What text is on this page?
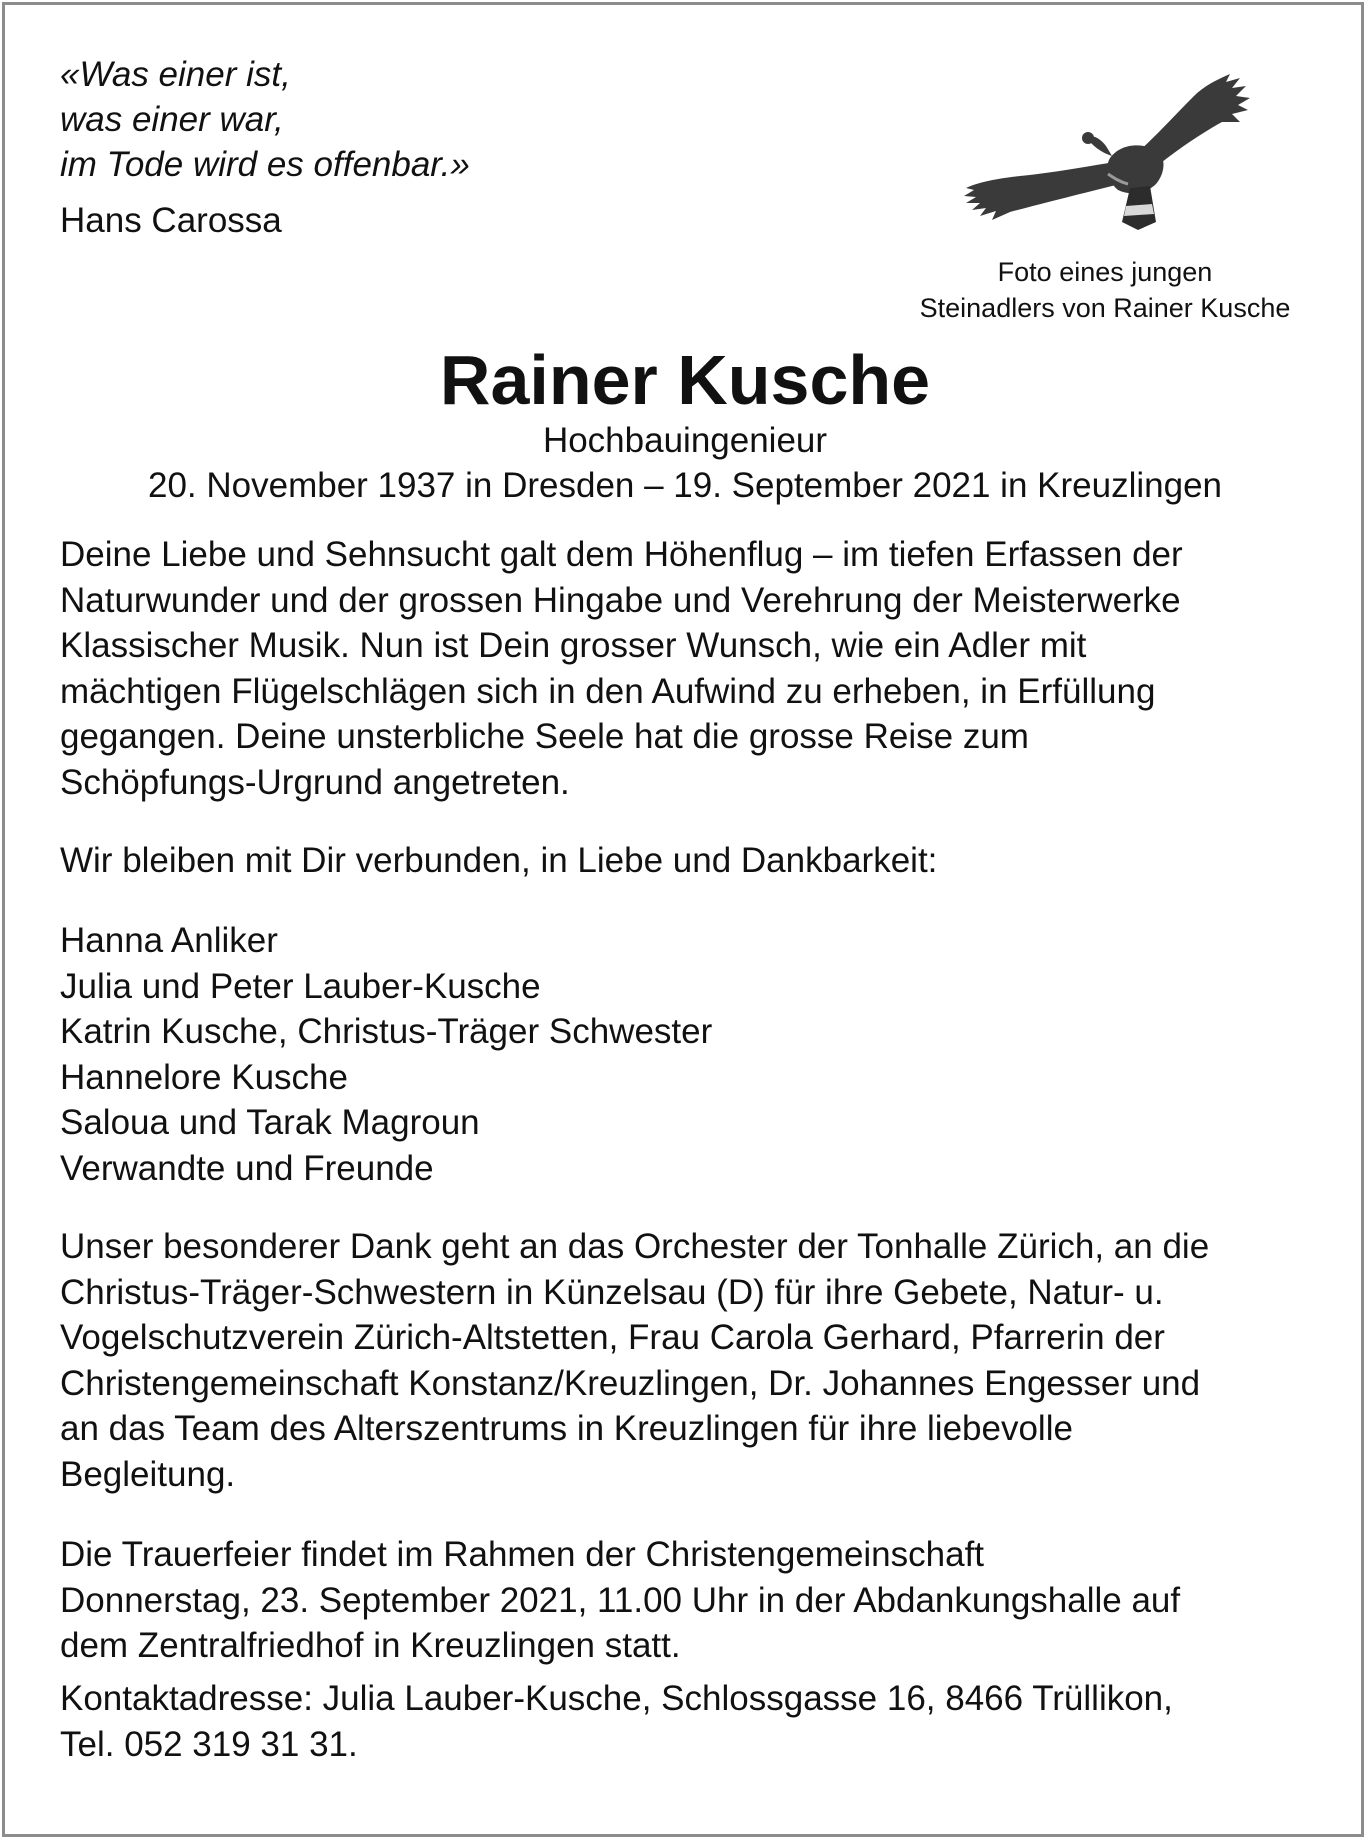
«Was einer ist,
was einer war,
im Tode wird es offenbar.»
Hans Carossa
Foto eines jungen
Steinadlers von Rainer Kusche
Rainer Kusche
Hochbauingenieur
20. November 1937 in Dresden – 19. September 2021 in Kreuzlingen
Deine Liebe und Sehnsucht galt dem Höhenflug – im tiefen Erfassen der
Naturwunder und der grossen Hingabe und Verehrung der Meisterwerke
Klassischer Musik. Nun ist Dein grosser Wunsch, wie ein Adler mit
mächtigen Flügelschlägen sich in den Aufwind zu erheben, in Erfüllung
gegangen. Deine unsterbliche Seele hat die grosse Reise zum
Schöpfungs-Urgrund angetreten.
Wir bleiben mit Dir verbunden, in Liebe und Dankbarkeit:
Hanna Anliker
Julia und Peter Lauber-Kusche
Katrin Kusche, Christus-Träger Schwester
Hannelore Kusche
Saloua und Tarak Magroun
Verwandte und Freunde
Unser besonderer Dank geht an das Orchester der Tonhalle Zürich, an die
Christus-Träger-Schwestern in Künzelsau (D) für ihre Gebete, Natur- u.
Vogelschutzverein Zürich-Altstetten, Frau Carola Gerhard, Pfarrerin der
Christengemeinschaft Konstanz/Kreuzlingen, Dr. Johannes Engesser und
an das Team des Alterszentrums in Kreuzlingen für ihre liebevolle
Begleitung.
Die Trauerfeier findet im Rahmen der Christengemeinschaft
Donnerstag, 23. September 2021, 11.00 Uhr in der Abdankungshalle auf
dem Zentralfriedhof in Kreuzlingen statt.
Kontaktadresse: Julia Lauber-Kusche, Schlossgasse 16, 8466 Trüllikon,
Tel. 052 319 31 31.
